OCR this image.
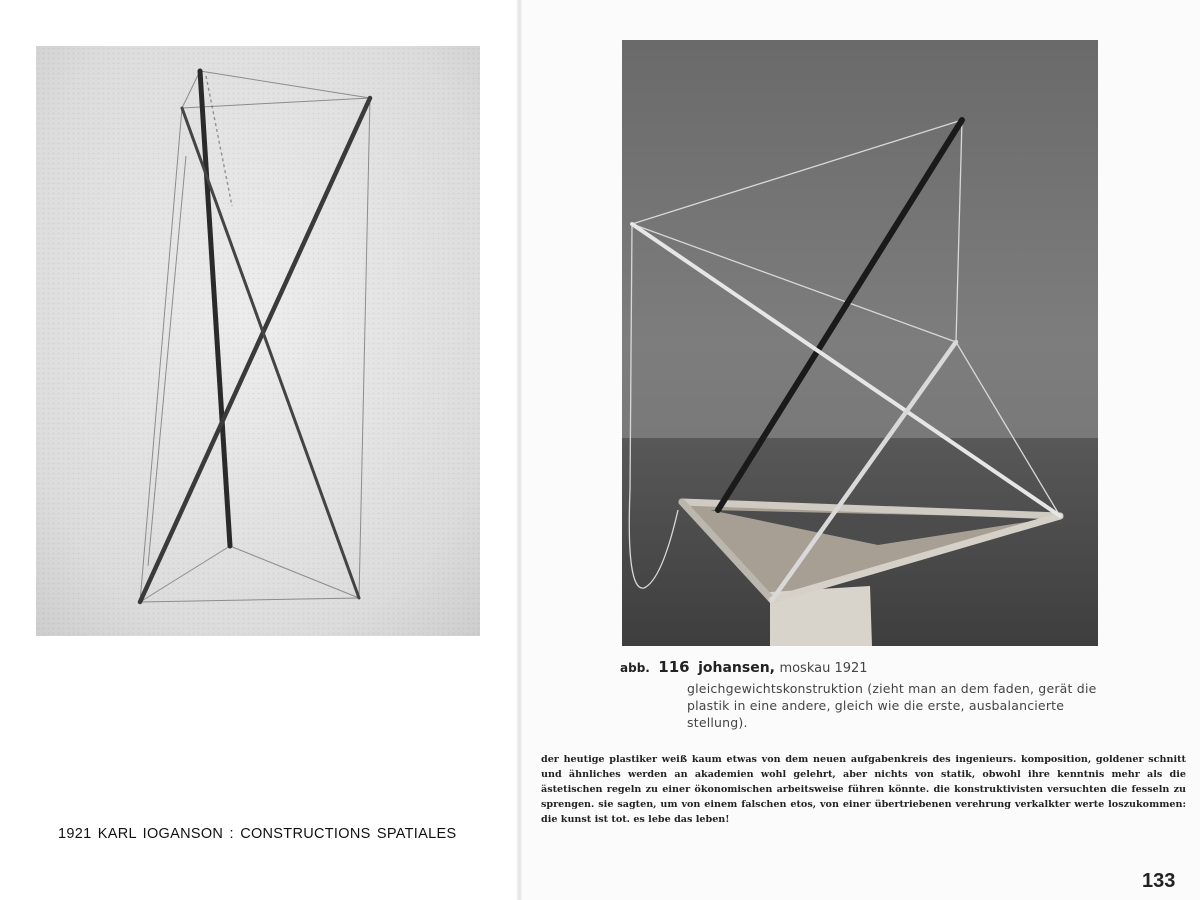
1921 KARL IOGANSON : CONSTRUCTIONS SPATIALES
abb. 116 johansen, moskau 1921
gleichgewichtskonstruktion (zieht man an dem faden, gerät die plastik in eine andere, gleich wie die erste, ausbalancierte stellung).
der heutige plastiker weiß kaum etwas von dem neuen aufgabenkreis des ingenieurs. komposition, goldener schnitt und ähnliches werden an akademien wohl gelehrt, aber nichts von statik, obwohl ihre kenntnis mehr als die ästetischen regeln zu einer ökonomischen arbeitsweise führen könnte. die konstruktivisten versuchten die fesseln zu sprengen. sie sagten, um von einem falschen etos, von einer übertriebenen verehrung verkalkter werte loszukommen: die kunst ist tot. es lebe das leben!
133
